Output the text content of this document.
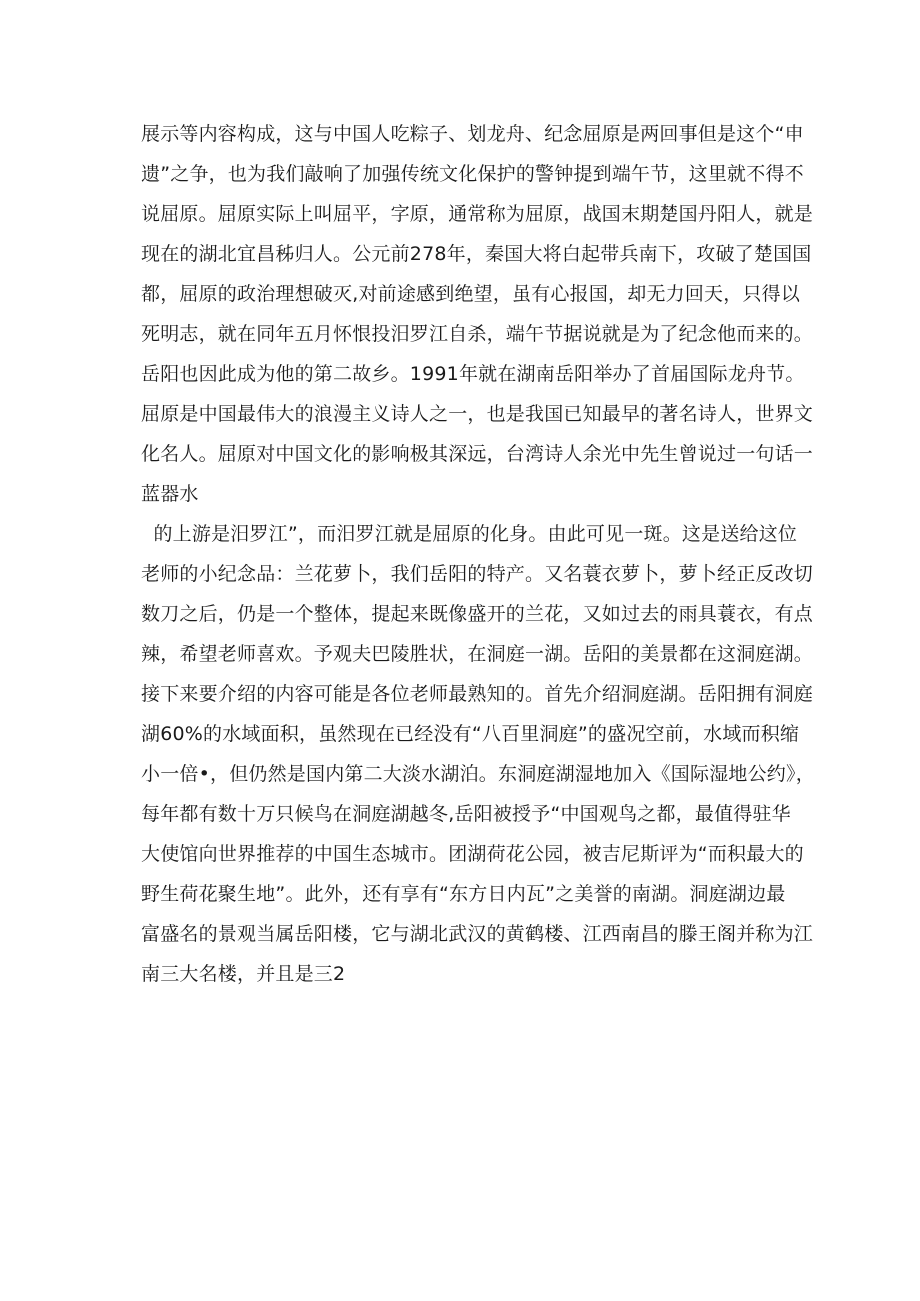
展示等内容构成，这与中国人吃粽子、划龙舟、纪念屈原是两回事但是这个“申
遗”之争，也为我们敲响了加强传统文化保护的警钟提到端午节，这里就不得不
说屈原。屈原实际上叫屈平，字原，通常称为屈原，战国末期楚国丹阳人，就是
现在的湖北宜昌秭归人。公元前278年，秦国大将白起带兵南下，攻破了楚国国
都，屈原的政治理想破灭,对前途感到绝望，虽有心报国，却无力回天，只得以
死明志，就在同年五月怀恨投汨罗江自杀，端午节据说就是为了纪念他而来的。
岳阳也因此成为他的第二故乡。1991年就在湖南岳阳举办了首届国际龙舟节。
屈原是中国最伟大的浪漫主义诗人之一，也是我国已知最早的著名诗人，世界文
化名人。屈原对中国文化的影响极其深远，台湾诗人余光中先生曾说过一句话一
蓝器水
的上游是汨罗江”，而汨罗江就是屈原的化身。由此可见一斑。这是送给这位
老师的小纪念品：兰花萝卜，我们岳阳的特产。又名蓑衣萝卜，萝卜经正反改切
数刀之后，仍是一个整体，提起来既像盛开的兰花，又如过去的雨具蓑衣，有点
辣，希望老师喜欢。予观夫巴陵胜状，在洞庭一湖。岳阳的美景都在这洞庭湖。
接下来要介绍的内容可能是各位老师最熟知的。首先介绍洞庭湖。岳阳拥有洞庭
湖60%的水域面积，虽然现在已经没有“八百里洞庭”的盛况空前，水域而积缩
小一倍•，但仍然是国内第二大淡水湖泊。东洞庭湖湿地加入《国际湿地公约》，
每年都有数十万只候鸟在洞庭湖越冬,岳阳被授予“中国观鸟之都，最值得驻华
大使馆向世界推荐的中国生态城市。团湖荷花公园，被吉尼斯评为“而积最大的
野生荷花聚生地”。此外，还有享有“东方日内瓦”之美誉的南湖。洞庭湖边最
富盛名的景观当属岳阳楼，它与湖北武汉的黄鹤楼、江西南昌的滕王阁并称为江
南三大名楼，并且是三2
